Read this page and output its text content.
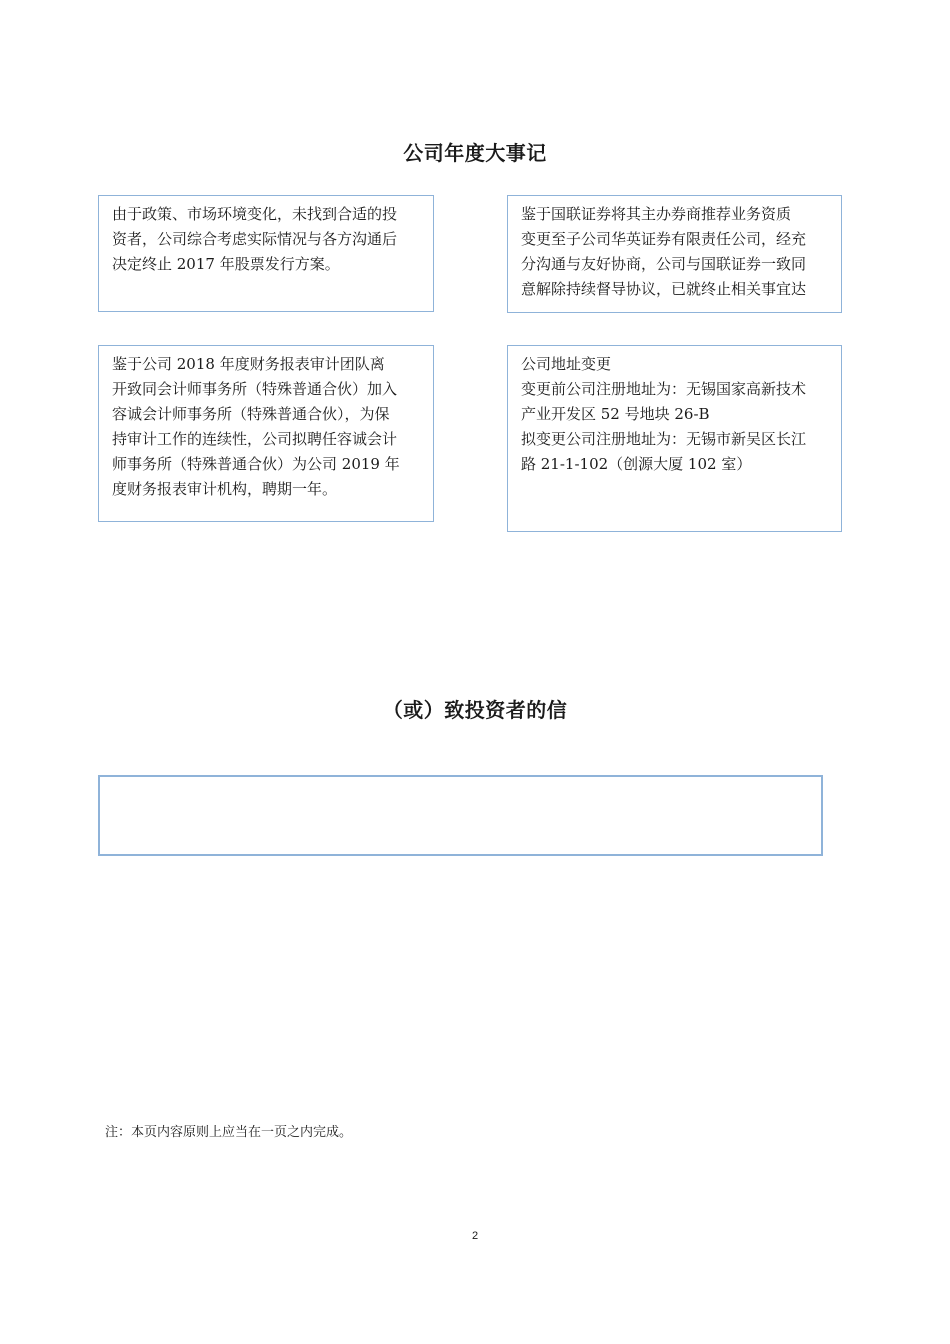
公司年度大事记

由于政策、市场环境变化，未找到合适的投

资者，公司综合考虑实际情况与各方沟通后

决定终止 2017 年股票发行方案。

鉴于国联证券将其主办券商推荐业务资质

变更至子公司华英证券有限责任公司，经充

分沟通与友好协商，公司与国联证券一致同

意解除持续督导协议，已就终止相关事宜达

鉴于公司 2018 年度财务报表审计团队离

开致同会计师事务所（特殊普通合伙）加入

容诚会计师事务所（特殊普通合伙），为保

持审计工作的连续性，公司拟聘任容诚会计

师事务所（特殊普通合伙）为公司 2019 年

度财务报表审计机构，聘期一年。

公司地址变更

变更前公司注册地址为：无锡国家高新技术

产业开发区 52 号地块 26-B

拟变更公司注册地址为：无锡市新吴区长江

路 21-1-102（创源大厦 102 室）

（或）致投资者的信
注：本页内容原则上应当在一页之内完成。
2
